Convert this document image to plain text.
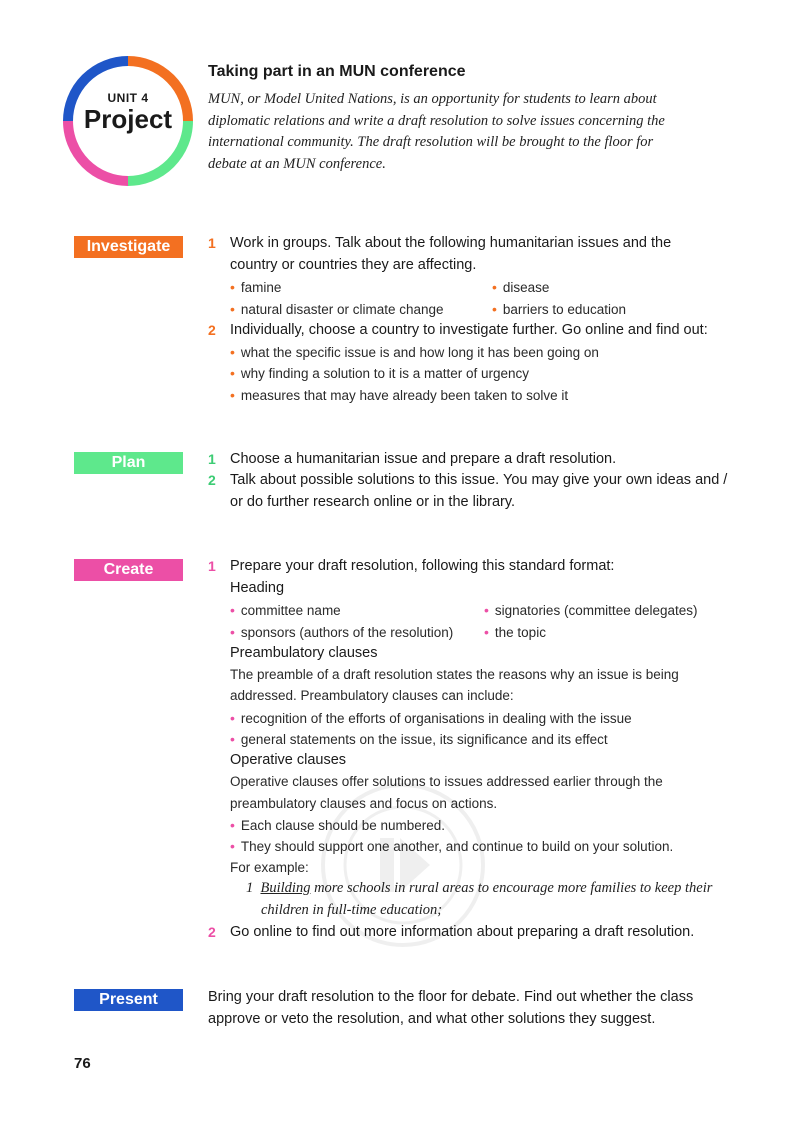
UNIT 4
Project
Taking part in an MUN conference
MUN, or Model United Nations, is an opportunity for students to learn about
diplomatic relations and write a draft resolution to solve issues concerning the
international community. The draft resolution will be brought to the floor for
debate at an MUN conference.
Investigate	1 Work in groups. Talk about the following humanitarian issues and the
country or countries they are affecting.
• famine	• disease
• natural disaster or climate change	• barriers to education
2 Individually, choose a country to investigate further. Go online and find out:
• what the specific issue is and how long it has been going on
• why finding a solution to it is a matter of urgency
• measures that may have already been taken to solve it
Plan	1 Choose a humanitarian issue and prepare a draft resolution.
2 Talk about possible solutions to this issue. You may give your own ideas and /
or do further research online or in the library.
Create	1 Prepare your draft resolution, following this standard format:
Heading
• committee name	• signatories (committee delegates)
• sponsors (authors of the resolution) • the topic
Preambulatory clauses
The preamble of a draft resolution states the reasons why an issue is being
addressed. Preambulatory clauses can include:
• recognition of the efforts of organisations in dealing with the issue
• general statements on the issue, its significance and its effect
Operative clauses
Operative clauses offer solutions to issues addressed earlier through the
preambulatory clauses and focus on actions.
• Each clause should be numbered.
• They should support one another, and continue to build on your solution.
For example:
1 Building more schools in rural areas to encourage more families to keep their
children in full-time education;
2 Go online to find out more information about preparing a draft resolution.
Present	Bring your draft resolution to the floor for debate. Find out whether the class
approve or veto the resolution, and what other solutions they suggest.
76
